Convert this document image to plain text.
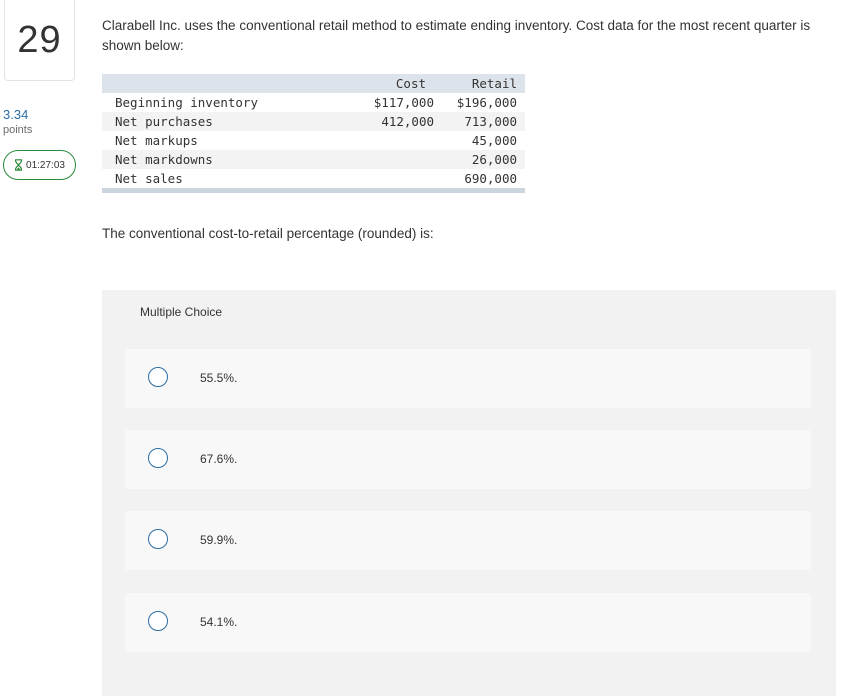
29
3.34
points
01:27:03

Clarabell Inc. uses the conventional retail method to estimate ending inventory. Cost data for the most recent quarter is shown below:

	Cost	Retail
Beginning inventory	$117,000	$196,000
Net purchases	412,000	713,000
Net markups		45,000
Net markdowns		26,000
Net sales		690,000

The conventional cost-to-retail percentage (rounded) is:

Multiple Choice
55.5%.
67.6%.
59.9%.
54.1%.
